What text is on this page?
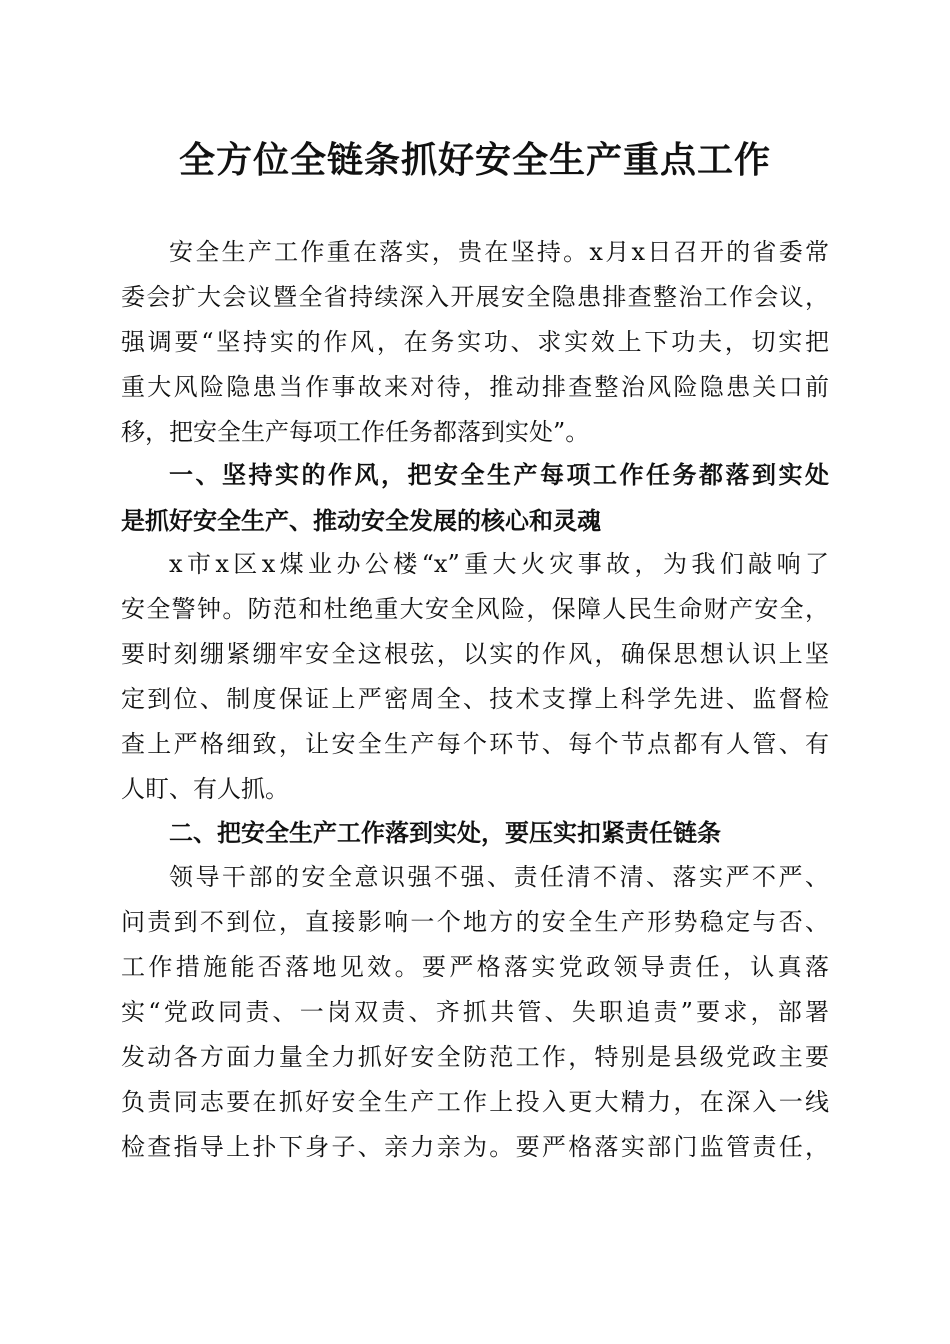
全方位全链条抓好安全生产重点工作

安全生产工作重在落实，贵在坚持。x月x日召开的省委常

委会扩大会议暨全省持续深入开展安全隐患排查整治工作会议，

强调要“坚持实的作风，在务实功、求实效上下功夫，切实把

重大风险隐患当作事故来对待，推动排查整治风险隐患关口前

移，把安全生产每项工作任务都落到实处”。

一、坚持实的作风，把安全生产每项工作任务都落到实处

是抓好安全生产、推动安全发展的核心和灵魂

x市x区x煤业办公楼“x”重大火灾事故，为我们敲响了

安全警钟。防范和杜绝重大安全风险，保障人民生命财产安全，

要时刻绷紧绷牢安全这根弦，以实的作风，确保思想认识上坚

定到位、制度保证上严密周全、技术支撑上科学先进、监督检

查上严格细致，让安全生产每个环节、每个节点都有人管、有

人盯、有人抓。

二、把安全生产工作落到实处，要压实扣紧责任链条

领导干部的安全意识强不强、责任清不清、落实严不严、

问责到不到位，直接影响一个地方的安全生产形势稳定与否、

工作措施能否落地见效。要严格落实党政领导责任，认真落

实“党政同责、一岗双责、齐抓共管、失职追责”要求，部署

发动各方面力量全力抓好安全防范工作，特别是县级党政主要

负责同志要在抓好安全生产工作上投入更大精力，在深入一线

检查指导上扑下身子、亲力亲为。要严格落实部门监管责任，
